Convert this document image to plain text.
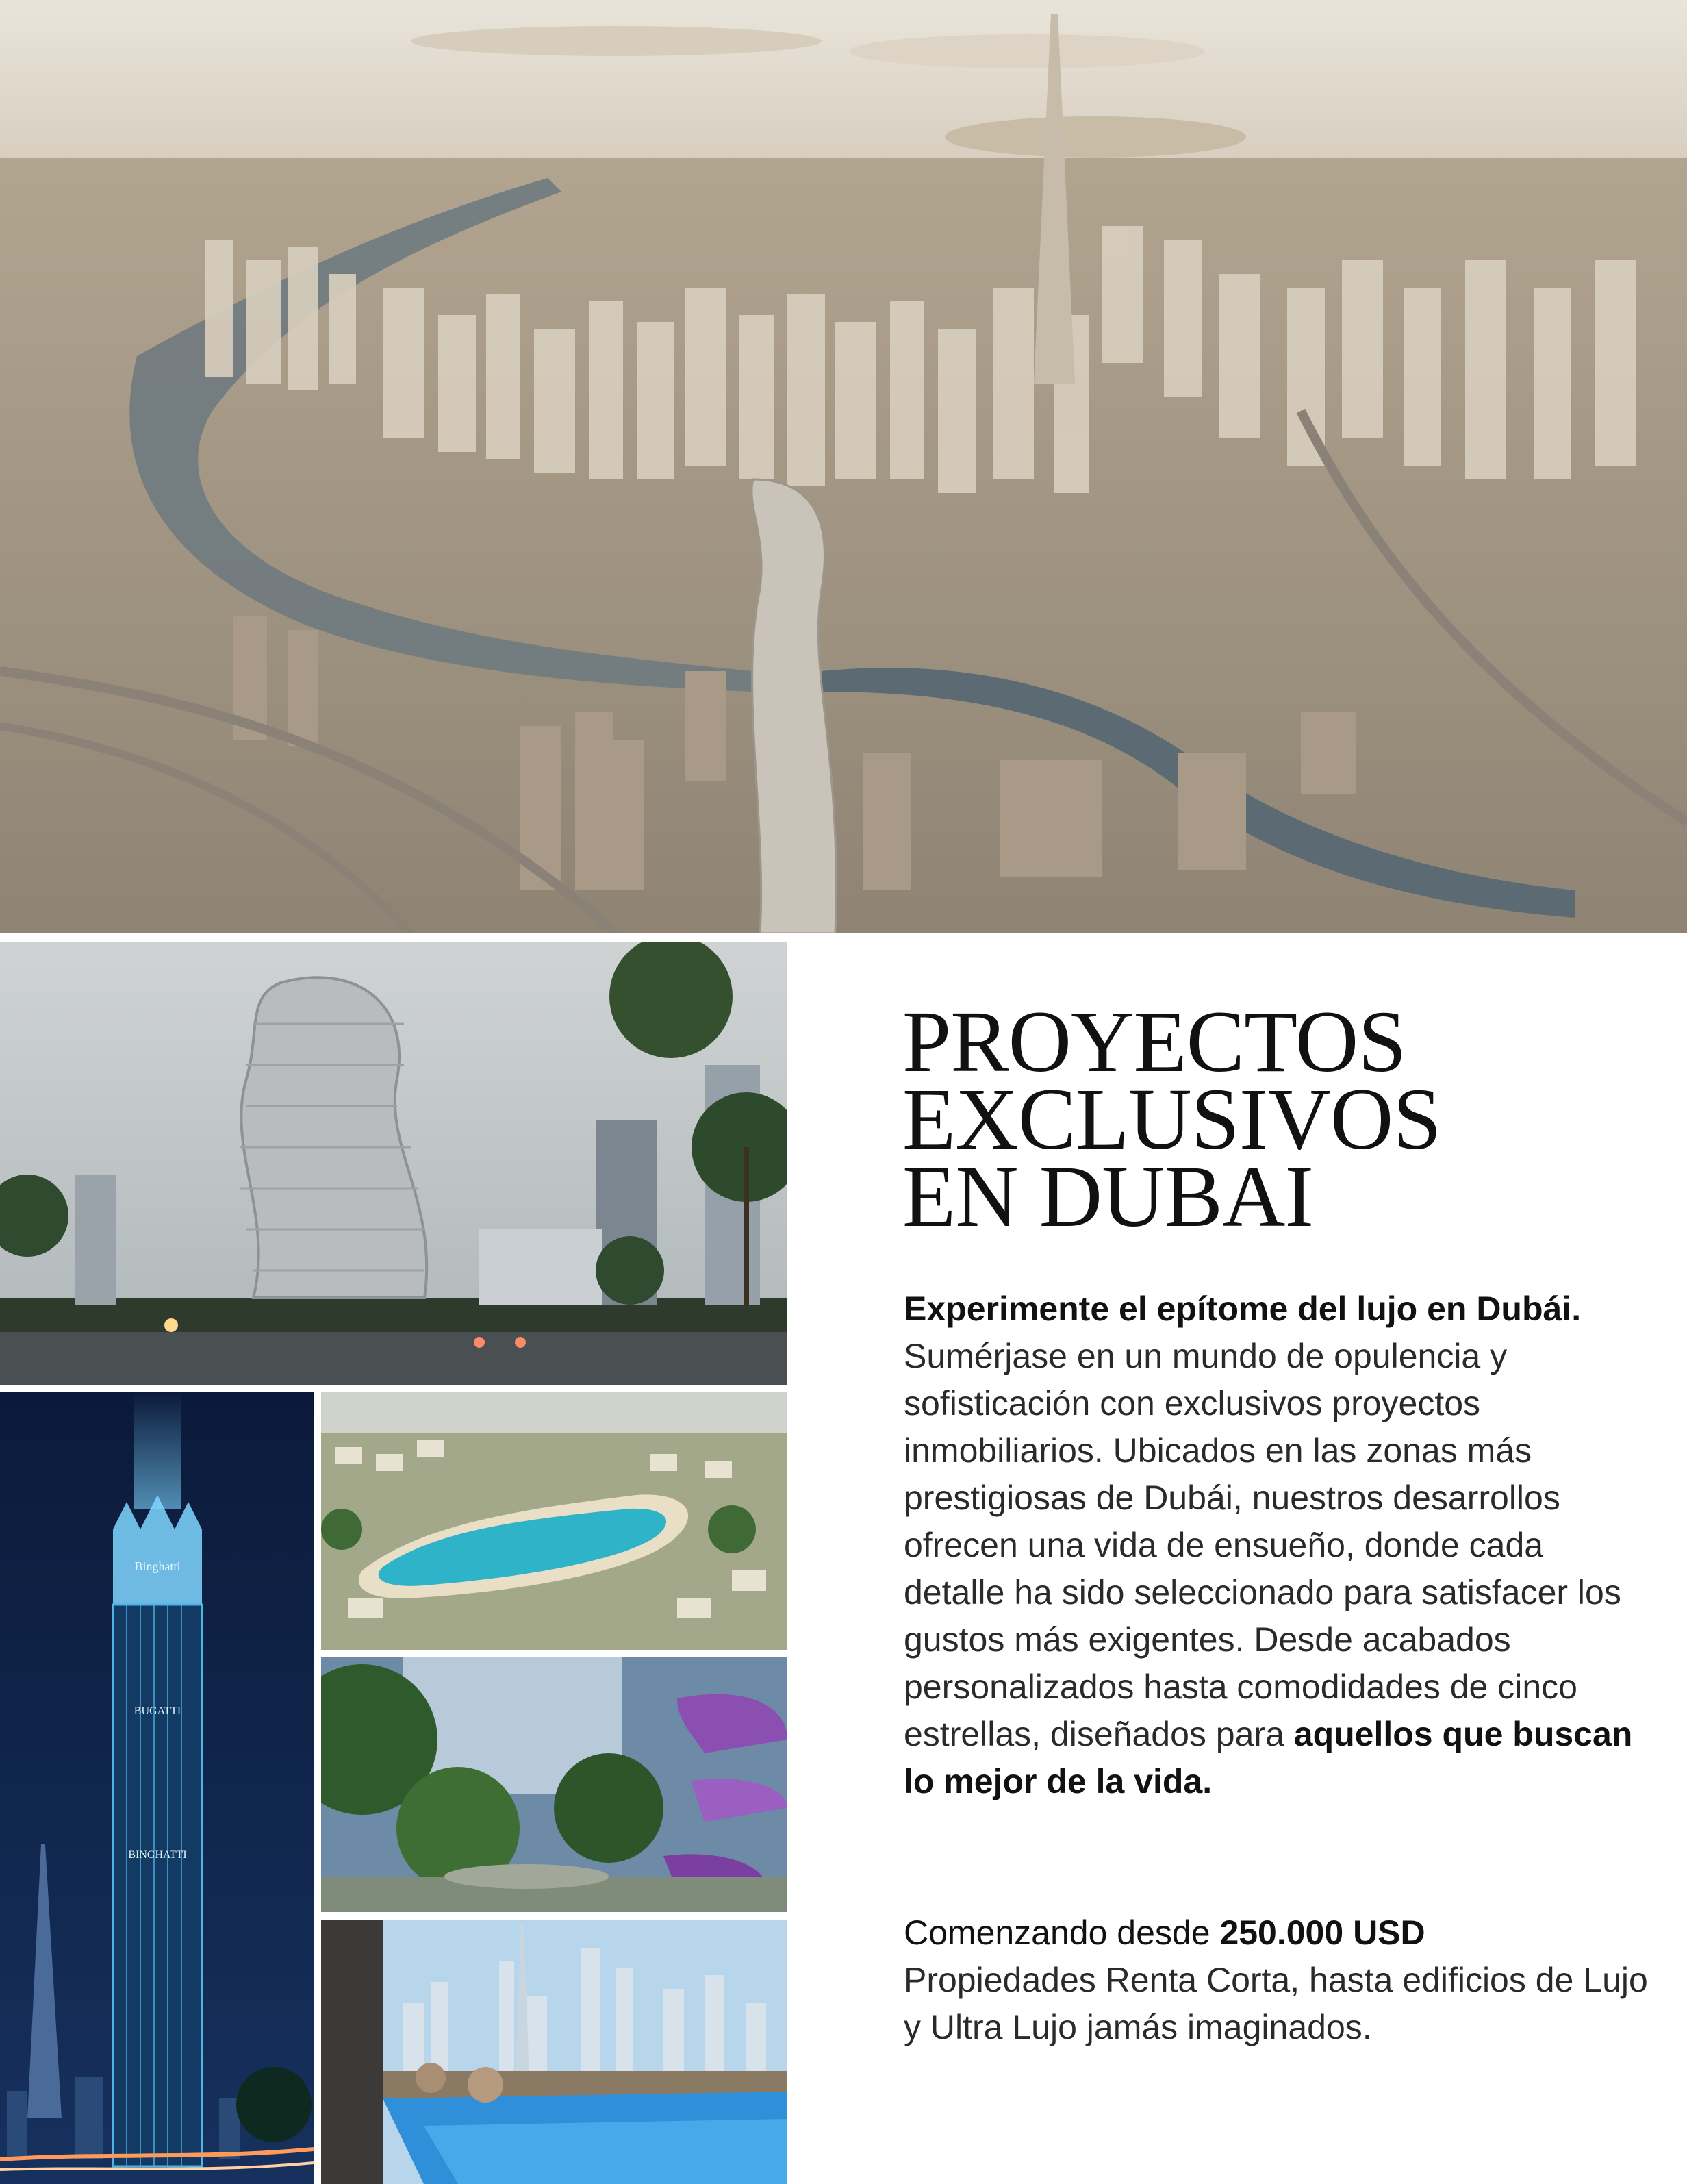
Binghatti
BUGATTI
BINGHATTI
PROYECTOS
EXCLUSIVOS
EN DUBAI

Experimente el epítome del lujo en Dubái. Sumérjase en un mundo de opulencia y sofisticación con exclusivos proyectos inmobiliarios. Ubicados en las zonas más prestigiosas de Dubái, nuestros desarrollos ofrecen una vida de ensueño, donde cada detalle ha sido seleccionado para satisfacer los gustos más exigentes. Desde acabados personalizados hasta comodidades de cinco estrellas, diseñados para aquellos que buscan lo mejor de la vida.

Comenzando desde 250.000 USD
Propiedades Renta Corta, hasta edificios de Lujo y Ultra Lujo jamás imaginados.
